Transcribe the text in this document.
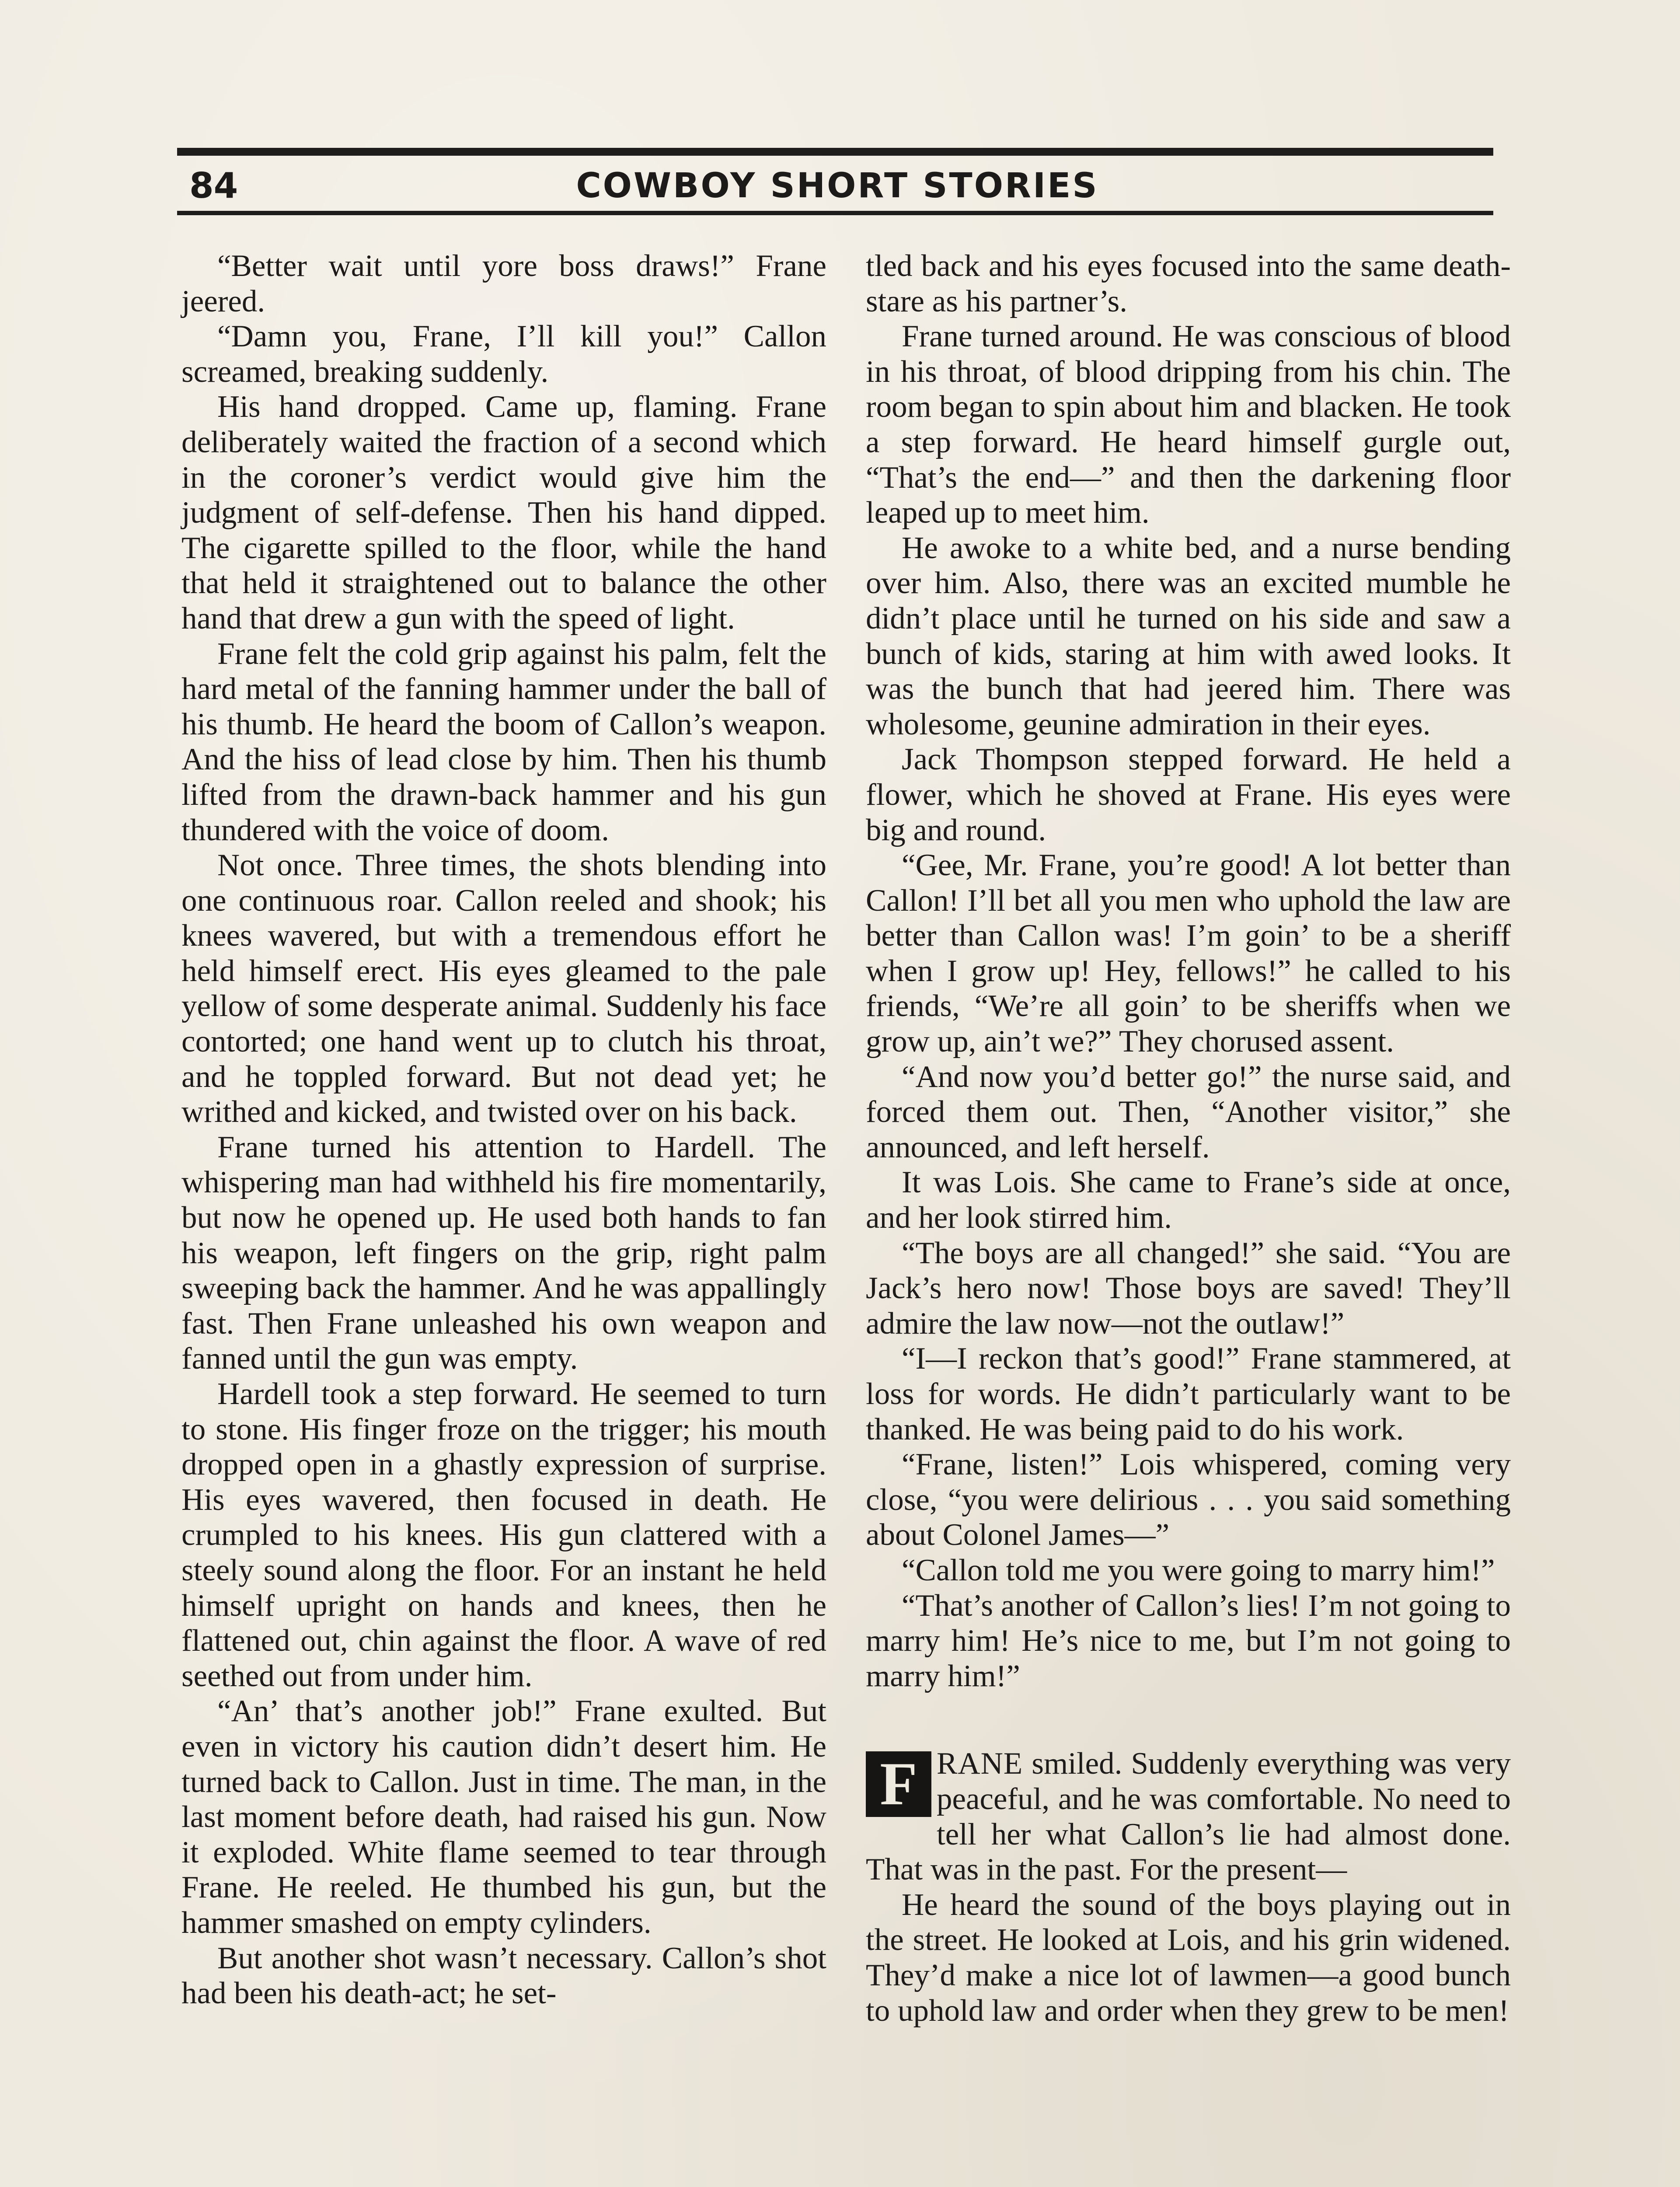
84	COWBOY SHORT STORIES

“Better wait until yore boss draws!” Frane jeered.

“Damn you, Frane, I’ll kill you!” Callon screamed, breaking suddenly.

His hand dropped. Came up, flaming. Frane deliberately waited the fraction of a second which in the coroner’s verdict would give him the judgment of self-defense. Then his hand dipped. The cigarette spilled to the floor, while the hand that held it straightened out to balance the other hand that drew a gun with the speed of light.

Frane felt the cold grip against his palm, felt the hard metal of the fanning hammer under the ball of his thumb. He heard the boom of Callon’s weapon. And the hiss of lead close by him. Then his thumb lifted from the drawn-back hammer and his gun thundered with the voice of doom.

Not once. Three times, the shots blending into one continuous roar. Callon reeled and shook; his knees wavered, but with a tremendous effort he held himself erect. His eyes gleamed to the pale yellow of some desperate animal. Suddenly his face contorted; one hand went up to clutch his throat, and he toppled forward. But not dead yet; he writhed and kicked, and twisted over on his back.

Frane turned his attention to Hardell. The whispering man had withheld his fire momentarily, but now he opened up. He used both hands to fan his weapon, left fingers on the grip, right palm sweeping back the hammer. And he was appallingly fast. Then Frane unleashed his own weapon and fanned until the gun was empty.

Hardell took a step forward. He seemed to turn to stone. His finger froze on the trigger; his mouth dropped open in a ghastly expression of surprise. His eyes wavered, then focused in death. He crumpled to his knees. His gun clattered with a steely sound along the floor. For an instant he held himself upright on hands and knees, then he flattened out, chin against the floor. A wave of red seethed out from under him.

“An’ that’s another job!” Frane exulted. But even in victory his caution didn’t desert him. He turned back to Callon. Just in time. The man, in the last moment before death, had raised his gun. Now it exploded. White flame seemed to tear through Frane. He reeled. He thumbed his gun, but the hammer smashed on empty cylinders.

But another shot wasn’t necessary. Callon’s shot had been his death-act; he set-

tled back and his eyes focused into the same death-stare as his partner’s.

Frane turned around. He was conscious of blood in his throat, of blood dripping from his chin. The room began to spin about him and blacken. He took a step forward. He heard himself gurgle out, “That’s the end—” and then the darkening floor leaped up to meet him.

He awoke to a white bed, and a nurse bending over him. Also, there was an excited mumble he didn’t place until he turned on his side and saw a bunch of kids, staring at him with awed looks. It was the bunch that had jeered him. There was wholesome, geunine admiration in their eyes.

Jack Thompson stepped forward. He held a flower, which he shoved at Frane. His eyes were big and round.

“Gee, Mr. Frane, you’re good! A lot better than Callon! I’ll bet all you men who uphold the law are better than Callon was! I’m goin’ to be a sheriff when I grow up! Hey, fellows!” he called to his friends, “We’re all goin’ to be sheriffs when we grow up, ain’t we?” They chorused assent.

“And now you’d better go!” the nurse said, and forced them out. Then, “Another visitor,” she announced, and left herself.

It was Lois. She came to Frane’s side at once, and her look stirred him.

“The boys are all changed!” she said. “You are Jack’s hero now! Those boys are saved! They’ll admire the law now—not the outlaw!”

“I—I reckon that’s good!” Frane stammered, at loss for words. He didn’t particularly want to be thanked. He was being paid to do his work.

“Frane, listen!” Lois whispered, coming very close, “you were delirious . . . you said something about Colonel James—”

“Callon told me you were going to marry him!”

“That’s another of Callon’s lies! I’m not going to marry him! He’s nice to me, but I’m not going to marry him!”

F RANE smiled. Suddenly everything was very peaceful, and he was comfortable. No need to tell her what Callon’s lie had almost done. That was in the past. For the present—

He heard the sound of the boys playing out in the street. He looked at Lois, and his grin widened. They’d make a nice lot of lawmen—a good bunch to uphold law and order when they grew to be men!
